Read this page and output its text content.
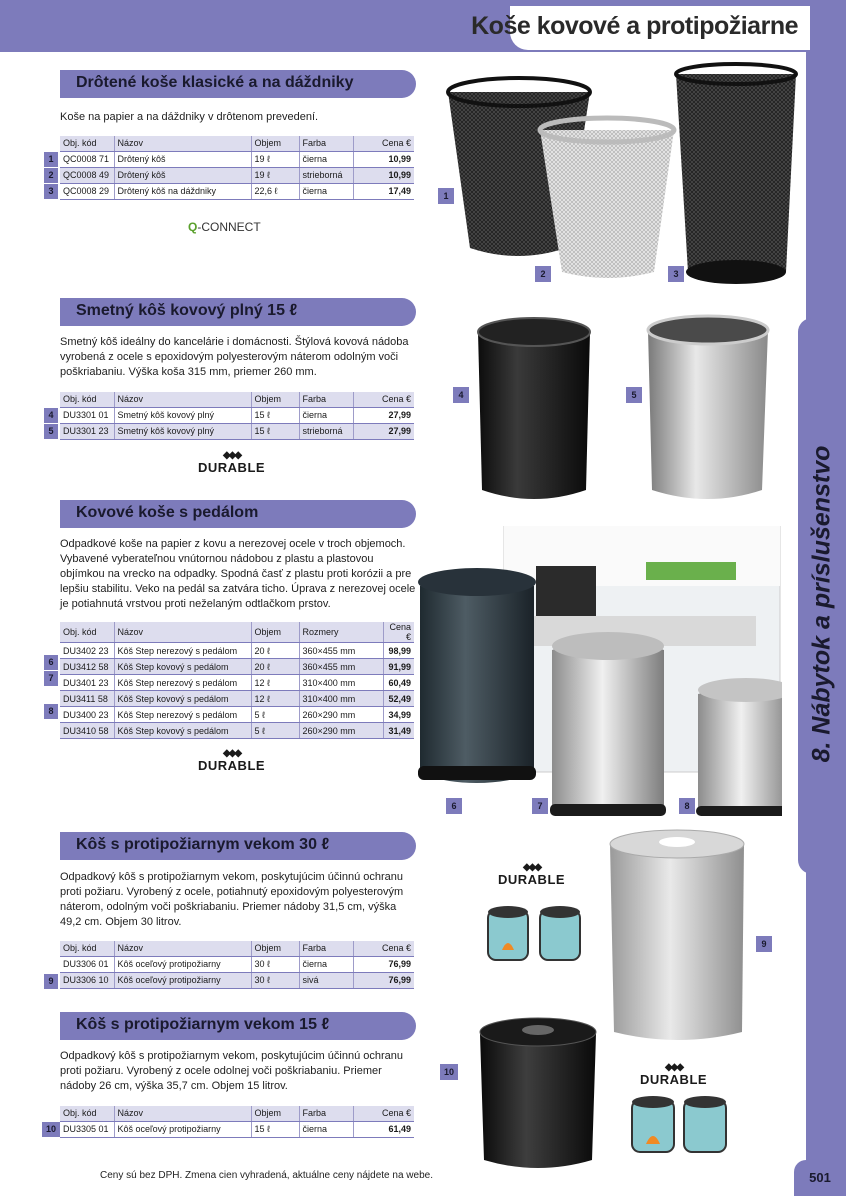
Koše kovové a protipožiarne
8. Nábytok a príslušenstvo
Drôtené koše klasické a na dáždniky
Koše na papier a na dáždniky v drôtenom prevedení.
Obj. kód	Názov	Objem	Farba	Cena €
QC0008 71	Drôtený kôš	19 ℓ	čierna	10,99
QC0008 49	Drôtený kôš	19 ℓ	strieborná	10,99
QC0008 29	Drôtený kôš na dáždniky	22,6 ℓ	čierna	17,49
1
2
3
Q-CONNECT
1
2	3
Smetný kôš kovový plný 15 ℓ
Smetný kôš ideálny do kancelárie i domácnosti. Štýlová kovová nádoba vyrobená z ocele s epoxidovým polyesterovým náterom odolným voči poškriabaniu. Výška koša 315 mm, priemer 260 mm.
Obj. kód	Názov	Objem	Farba	Cena €
DU3301 01	Smetný kôš kovový plný	15 ℓ	čierna	27,99
DU3301 23	Smetný kôš kovový plný	15 ℓ	strieborná	27,99
4
5
◆◆◆
DURABLE
4	5
Kovové koše s pedálom
Odpadkové koše na papier z kovu a nerezovej ocele v troch objemoch. Vybavené vyberateľnou vnútornou nádobou z plastu a plastovou objímkou na vrecko na odpadky. Spodná časť z plastu proti korózii a pre lepšiu stabilitu. Veko na pedál sa zatvára ticho. Úprava z nerezovej ocele je potiahnutá vrstvou proti neželaným odtlačkom prstov.
Obj. kód	Názov	Objem	Rozmery	Cena €
DU3402 23	Kôš Step nerezový s pedálom	20 ℓ	360×455 mm	98,99
DU3412 58	Kôš Step kovový s pedálom	20 ℓ	360×455 mm	91,99
DU3401 23	Kôš Step nerezový s pedálom	12 ℓ	310×400 mm	60,49
DU3411 58	Kôš Step kovový s pedálom	12 ℓ	310×400 mm	52,49
DU3400 23	Kôš Step nerezový s pedálom	5 ℓ	260×290 mm	34,99
DU3410 58	Kôš Step kovový s pedálom	5 ℓ	260×290 mm	31,49
6
7
8
◆◆◆
DURABLE
6	7	8
Kôš s protipožiarnym vekom 30 ℓ
Odpadkový kôš s protipožiarnym vekom, poskytujúcim účinnú ochranu proti požiaru. Vyrobený z ocele, potiahnutý epoxidovým polyesterovým náterom, odolným voči poškriabaniu. Priemer nádoby 31,5 cm, výška 49,2 cm. Objem 30 litrov.
Obj. kód	Názov	Objem	Farba	Cena €
DU3306 01	Kôš oceľový protipožiarny	30 ℓ	čierna	76,99
DU3306 10	Kôš oceľový protipožiarny	30 ℓ	sivá	76,99
9
◆◆◆
DURABLE
9
Kôš s protipožiarnym vekom 15 ℓ
Odpadkový kôš s protipožiarnym vekom, poskytujúcim účinnú ochranu proti požiaru. Vyrobený z ocele odolnej voči poškriabaniu. Priemer nádoby 26 cm, výška 35,7 cm. Objem 15 litrov.
Obj. kód	Názov	Objem	Farba	Cena €
DU3305 01	Kôš oceľový protipožiarny	15 ℓ	čierna	61,49
10
10	◆◆◆
DURABLE
Ceny sú bez DPH. Zmena cien vyhradená, aktuálne ceny nájdete na webe.	501
